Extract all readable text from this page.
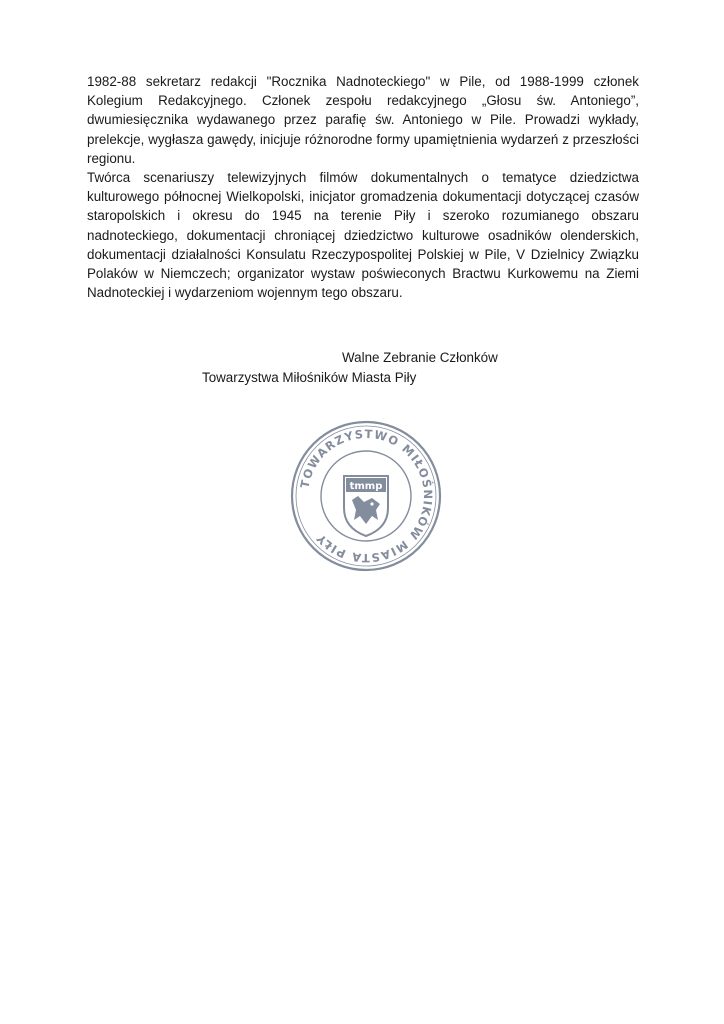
1982-88 sekretarz redakcji "Rocznika Nadnoteckiego" w Pile, od 1988-1999 członek Kolegium Redakcyjnego. Członek zespołu redakcyjnego „Głosu św. Antoniego”, dwumiesięcznika wydawanego przez parafię św. Antoniego w Pile. Prowadzi wykłady, prelekcje, wygłasza gawędy, inicjuje różnorodne formy upamiętnienia wydarzeń z przeszłości regionu.

Twórca scenariuszy telewizyjnych filmów dokumentalnych o tematyce dziedzictwa kulturowego północnej Wielkopolski, inicjator gromadzenia dokumentacji dotyczącej czasów staropolskich i okresu do 1945 na terenie Piły i szeroko rozumianego obszaru nadnoteckiego, dokumentacji chroniącej dziedzictwo kulturowe osadników olenderskich, dokumentacji działalności Konsulatu Rzeczypospolitej Polskiej w Pile, V Dzielnicy Związku Polaków w Niemczech; organizator wystaw poświeconych Bractwu Kurkowemu na Ziemi Nadnoteckiej i wydarzeniom wojennym tego obszaru.

Walne Zebranie Członków
Towarzystwa Miłośników Miasta Piły
TOWARZYSTWO MIŁOŚNIKÓW MIASTA PIŁY
tmmp
